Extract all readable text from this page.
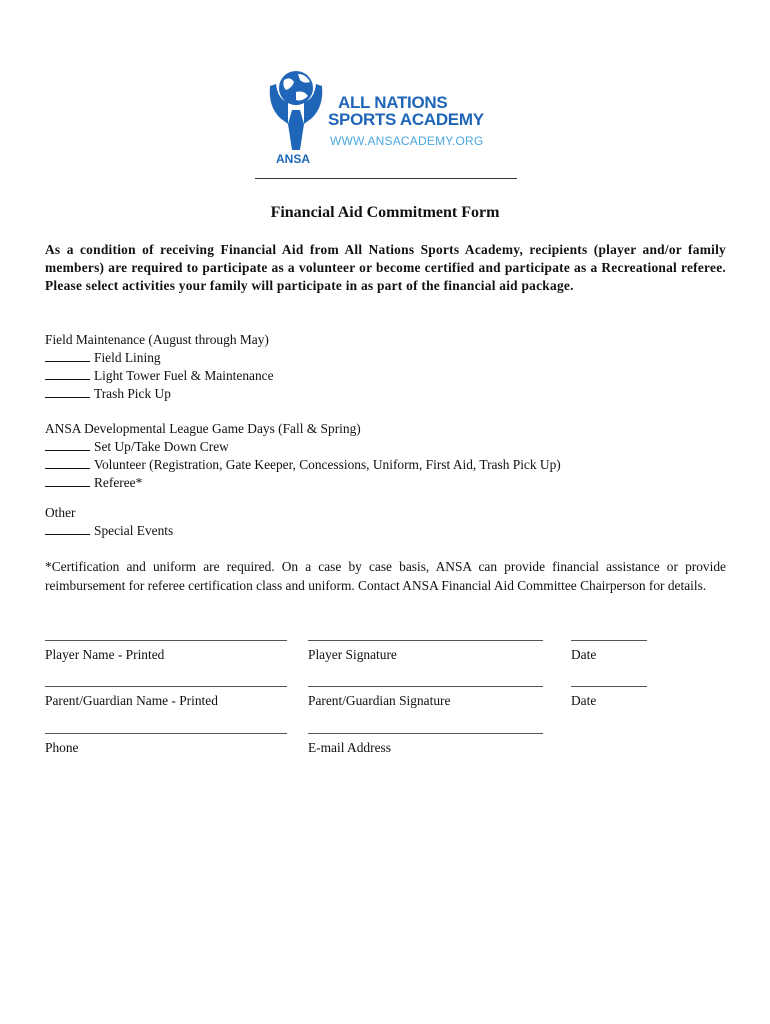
ALL NATIONS
SPORTS ACADEMY
WWW.ANSACADEMY.ORG
ANSA
Financial Aid Commitment Form
As a condition of receiving Financial Aid from All Nations Sports Academy, recipients (player and/or family members) are required to participate as a volunteer or become certified and participate as a Recreational referee. Please select activities your family will participate in as part of the financial aid package.
Field Maintenance (August through May)
Field Lining
Light Tower Fuel & Maintenance
Trash Pick Up
ANSA Developmental League Game Days (Fall & Spring)
Set Up/Take Down Crew
Volunteer (Registration, Gate Keeper, Concessions, Uniform, First Aid, Trash Pick Up)
Referee*
Other
Special Events
*Certification and uniform are required. On a case by case basis, ANSA can provide financial assistance or provide reimbursement for referee certification class and uniform. Contact ANSA Financial Aid Committee Chairperson for details.
Player Name - Printed	Player Signature	Date
Parent/Guardian Name - Printed	Parent/Guardian Signature	Date
Phone	E-mail Address
